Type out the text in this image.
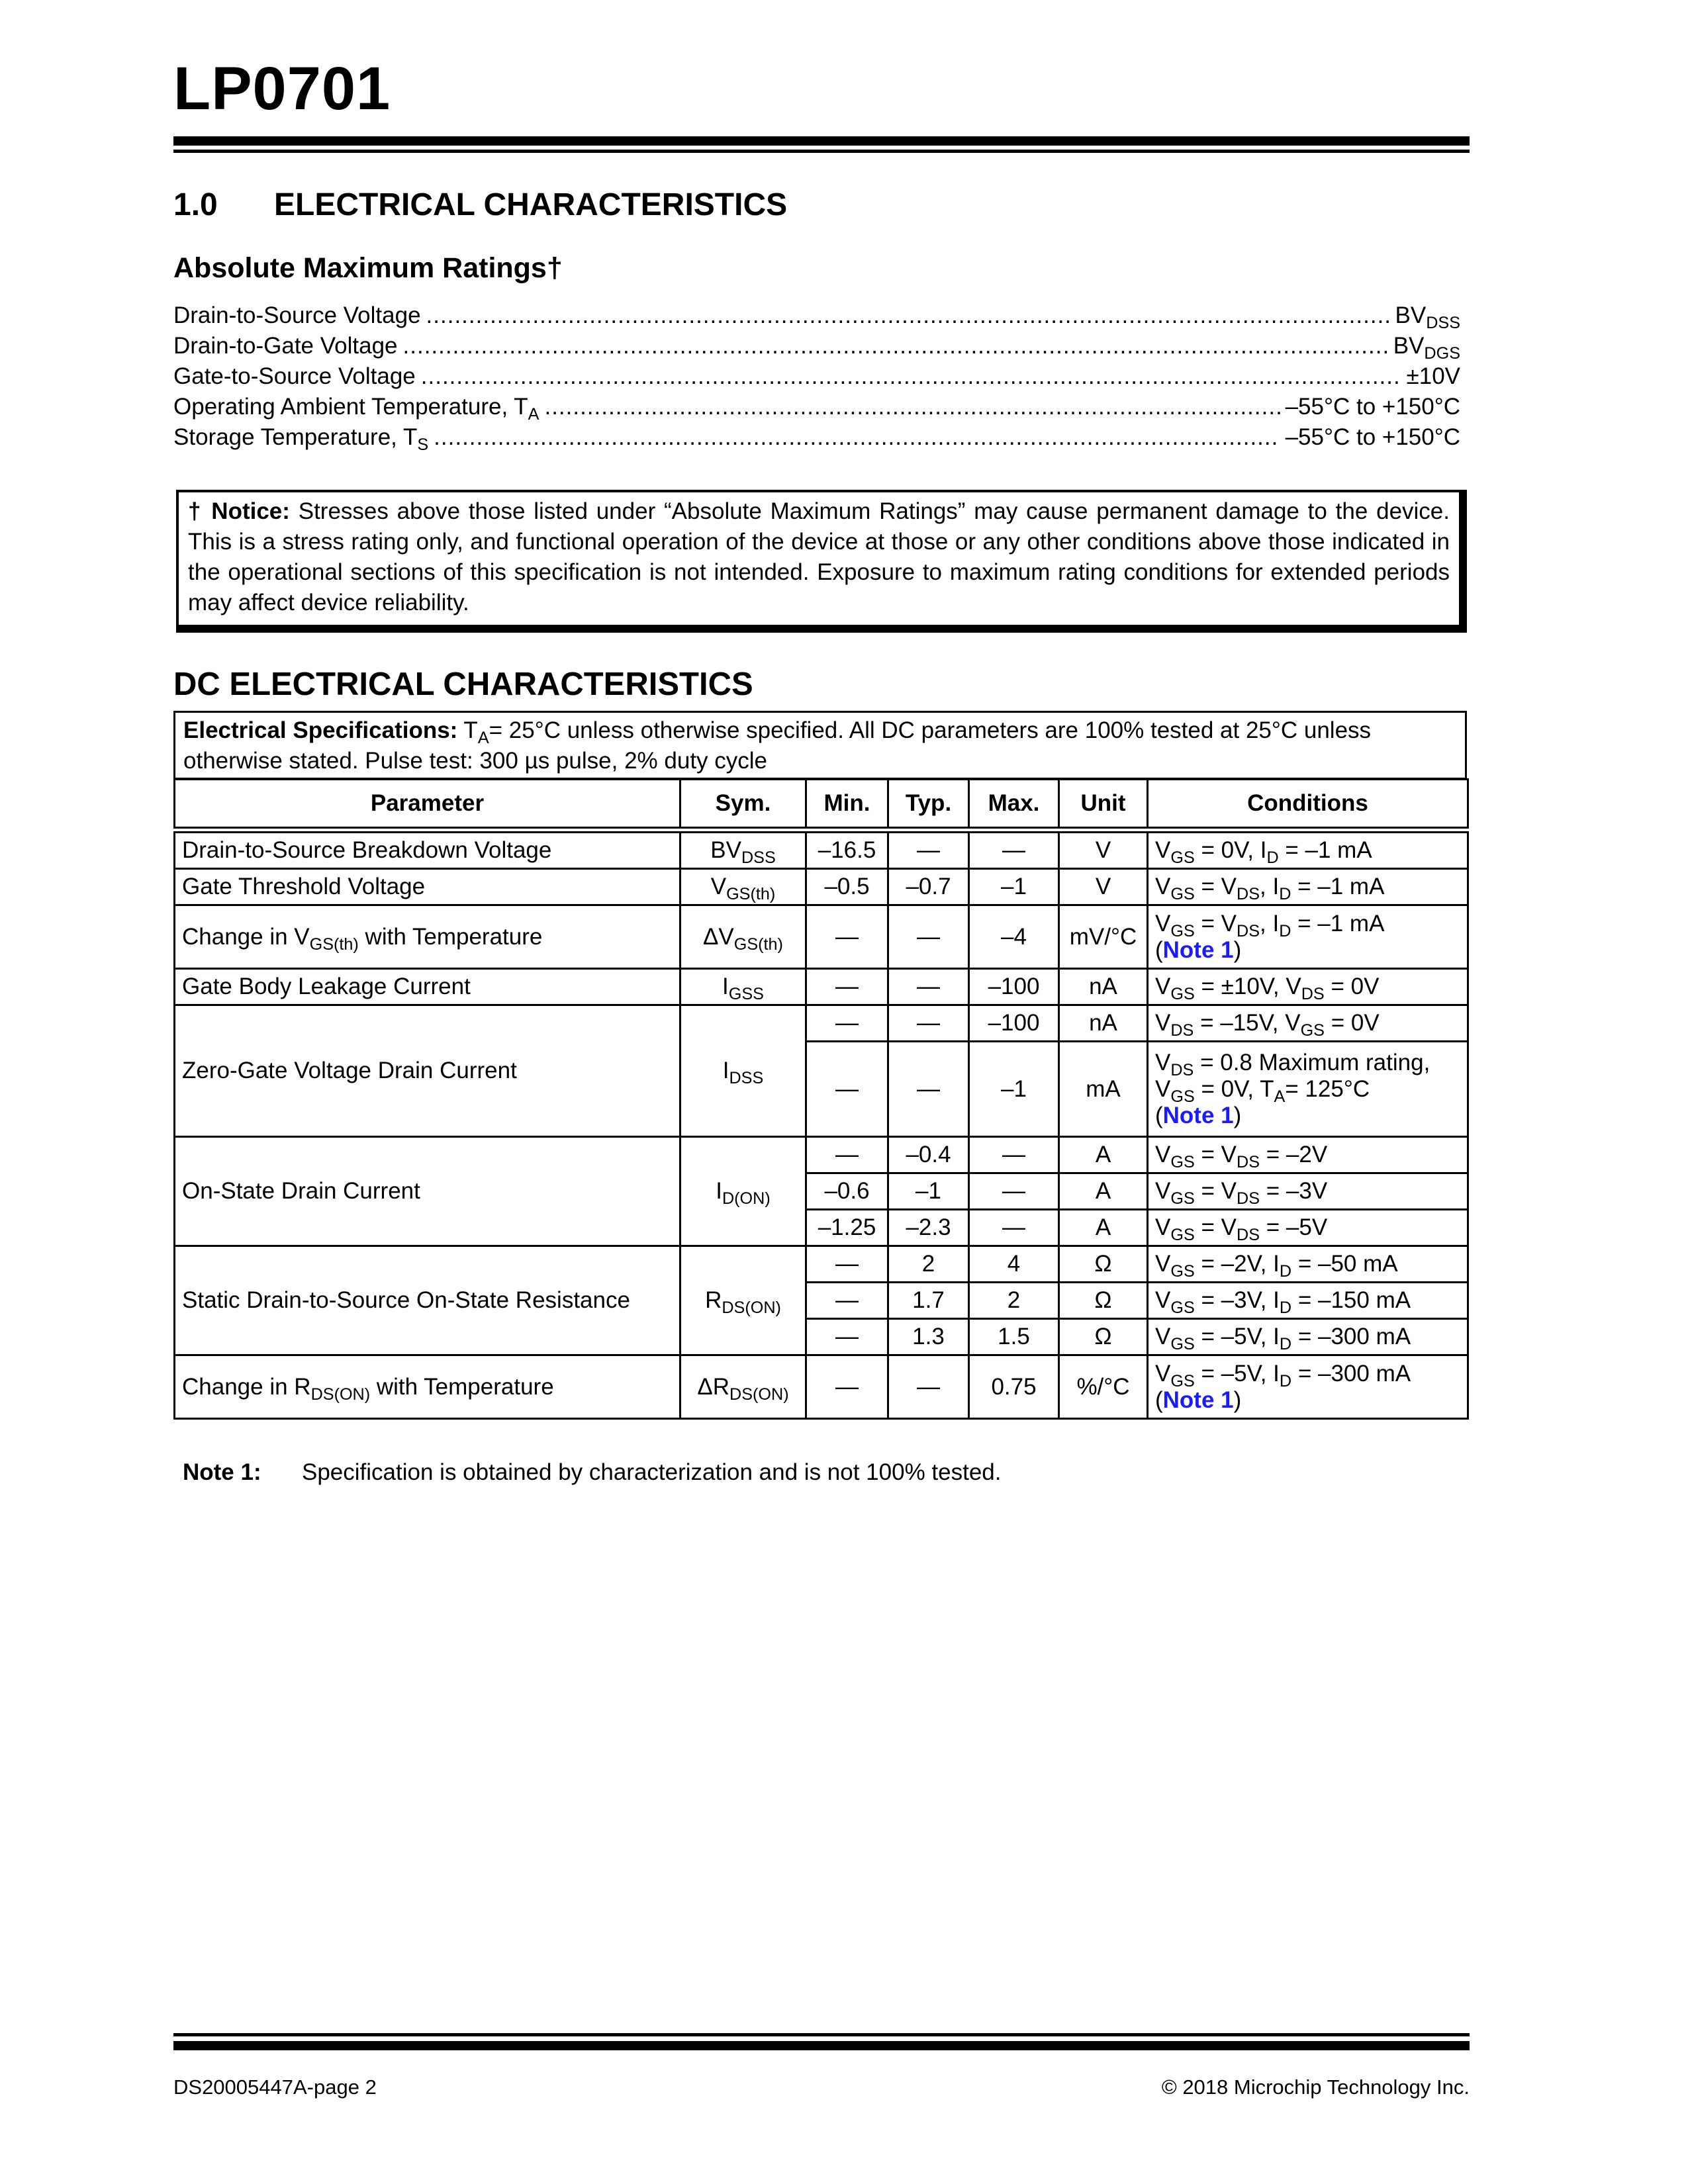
LP0701
1.0 ELECTRICAL CHARACTERISTICS
Absolute Maximum Ratings†
Drain-to-Source Voltage .....	$BV_{DSS}$
Drain-to-Gate Voltage .....	$BV_{DGS}$
Gate-to-Source Voltage .....	±10V
Operating Ambient Temperature, $T_A$ .....	–55°C to +150°C
Storage Temperature, $T_S$ .....	–55°C to +150°C
† Notice: Stresses above those listed under “Absolute Maximum Ratings” may cause permanent damage to the device. This is a stress rating only, and functional operation of the device at those or any other conditions above those indicated in the operational sections of this specification is not intended. Exposure to maximum rating conditions for extended periods may affect device reliability.
DC ELECTRICAL CHARACTERISTICS
Electrical Specifications: $T_A= 25^\circ C$ unless otherwise specified. All DC parameters are 100% tested at 25°C unless otherwise stated. Pulse test: 300 µs pulse, 2% duty cycle
Parameter	Sym.	Min.	Typ.	Max.	Unit	Conditions
Drain-to-Source Breakdown Voltage	$BV_{DSS}$	–16.5	—	—	V	$V_{GS} = 0V$, $I_D = -1$ mA
Gate Threshold Voltage	$V_{GS(th)}$	–0.5	–0.7	–1	V	$V_{GS} = V_{DS}$, $I_D = -1$ mA
Change in $V_{GS(th)}$ with Temperature	$\Delta V_{GS(th)}$	—	—	–4	mV/°C	$V_{GS} = V_{DS}$, $I_D = -1$ mA
(Note 1)
Gate Body Leakage Current	$I_{GSS}$	—	—	–100	nA	$V_{GS} = \pm 10V$, $V_{DS} = 0V$
Zero-Gate Voltage Drain Current	$I_{DSS}$	—	—	–100	nA	$V_{DS} = -15V$, $V_{GS} = 0V$
		—	—	–1	mA	$V_{DS} = 0.8$ Maximum rating,
$V_{GS} = 0V$, $T_A= 125^\circ C$
(Note 1)
On-State Drain Current	$I_{D(ON)}$	—	–0.4	—	A	$V_{GS} = V_{DS} = -2V$
		–0.6	–1	—	A	$V_{GS} = V_{DS} = -3V$
		–1.25	–2.3	—	A	$V_{GS} = V_{DS} = -5V$
Static Drain-to-Source On-State Resistance	$R_{DS(ON)}$	—	2	4	Ω	$V_{GS} = -2V$, $I_D = -50$ mA
		—	1.7	2	Ω	$V_{GS} = -3V$, $I_D = -150$ mA
		—	1.3	1.5	Ω	$V_{GS} = -5V$, $I_D = -300$ mA
Change in $R_{DS(ON)}$ with Temperature	$\Delta R_{DS(ON)}$	—	—	0.75	%/°C	$V_{GS} = -5V$, $I_D = -300$ mA
(Note 1)
Note 1: Specification is obtained by characterization and is not 100% tested.
DS20005447A-page 2	© 2018 Microchip Technology Inc.
